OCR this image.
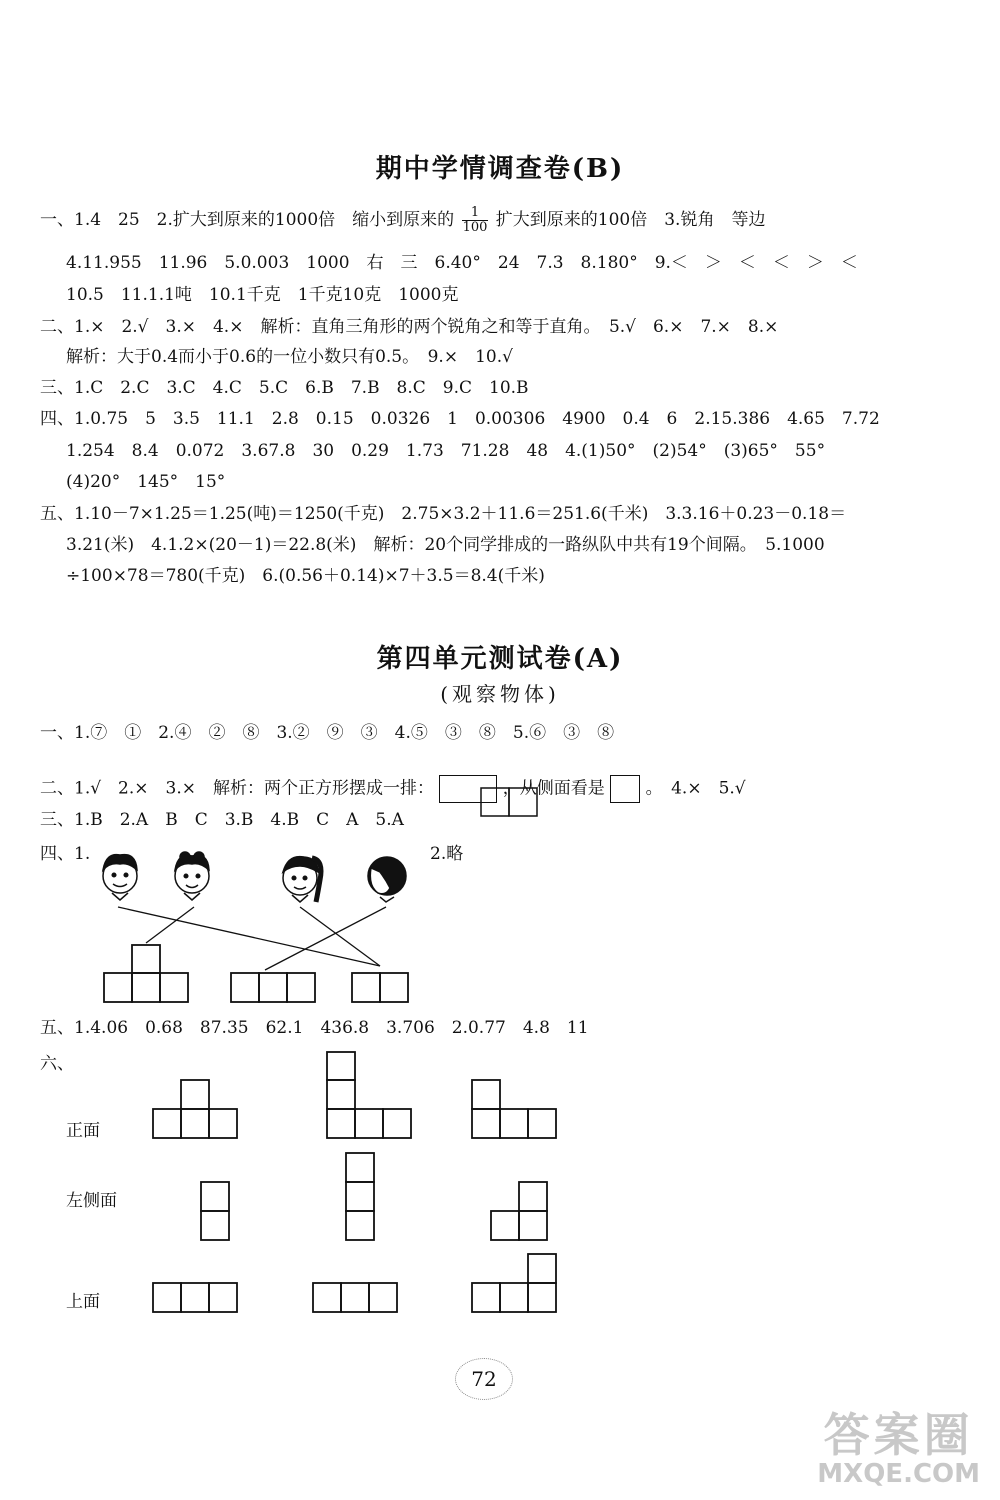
期中学情调查卷(B)
一、1.4　25　2.扩大到原来的1000倍　缩小到原来的 $\frac{1}{100}$ 扩大到原来的100倍　3.锐角　等边
4.11.955　11.96　5.0.003　1000　右　三　6.40°　24　7.3　8.180°　9.＜　＞　＜　＜　＞　＜
10.5　11.1.1吨　10.1千克　1千克10克　1000克
二、1.×　2.√　3.×　4.×　解析：直角三角形的两个锐角之和等于直角。　5.√　6.×　7.×　8.×
解析：大于0.4而小于0.6的一位小数只有0.5。　9.×　10.√
三、1.C　2.C　3.C　4.C　5.C　6.B　7.B　8.C　9.C　10.B
四、1.0.75　5　3.5　11.1　2.8　0.15　0.0326　1　0.00306　4900　0.4　6　2.15.386　4.65　7.72
1.254　8.4　0.072　3.67.8　30　0.29　1.73　71.28　48　4.(1)50°　(2)54°　(3)65°　55°
(4)20°　145°　15°
五、1.10－7×1.25＝1.25(吨)＝1250(千克)　2.75×3.2＋11.6＝251.6(千米)　3.3.16＋0.23－0.18＝
3.21(米)　4.1.2×(20－1)＝22.8(米)　解析：20个同学排成的一路纵队中共有19个间隔。　5.1000
÷100×78＝780(千克)　6.(0.56＋0.14)×7＋3.5＝8.4(千米)
第四单元测试卷(A)
(观察物体)
一、1.⑦　①　2.④　②　⑧　3.②　⑨　③　4.⑤　③　⑧　5.⑥　③　⑧
二、1.√　2.×　3.×　解析：两个正方形摆成一排：	，从侧面看是 。　4.×　5.√
三、1.B　2.A　B　C　3.B　4.B　C　A　5.A
四、1.	2.略
五、1.4.06　0.68　87.35　62.1　436.8　3.706　2.0.77　4.8　11
六、
正面
左侧面
上面
72
答案圈
MXQE.COM
